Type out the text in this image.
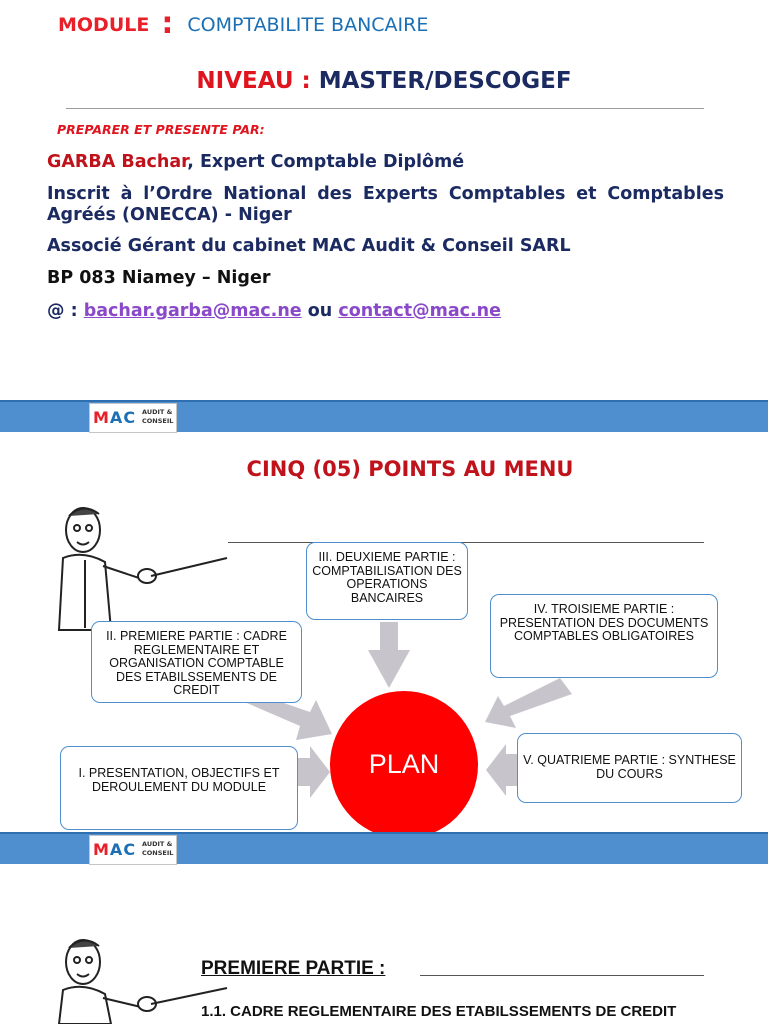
MODULE : COMPTABILITE BANCAIRE
NIVEAU : MASTER/DESCOGEF
PREPARER ET PRESENTE PAR:
GARBA Bachar, Expert Comptable Diplômé
Inscrit à l’Ordre National des Experts Comptables et Comptables Agréés (ONECCA) - Niger
Associé Gérant du cabinet MAC Audit & Conseil SARL
BP 083 Niamey – Niger
@ : bachar.garba@mac.ne ou contact@mac.ne
MAC AUDIT &
CONSEIL
CINQ (05) POINTS AU MENU
III. DEUXIEME PARTIE : COMPTABILISATION DES OPERATIONS BANCAIRES
IV. TROISIEME PARTIE : PRESENTATION DES DOCUMENTS COMPTABLES OBLIGATOIRES
II. PREMIERE PARTIE : CADRE REGLEMENTAIRE ET ORGANISATION COMPTABLE DES ETABILSSEMENTS DE CREDIT
I. PRESENTATION, OBJECTIFS ET DEROULEMENT DU MODULE
V. QUATRIEME PARTIE : SYNTHESE DU COURS
PLAN
MAC AUDIT &
CONSEIL
PREMIERE PARTIE :
1.1. CADRE REGLEMENTAIRE DES ETABILSSEMENTS DE CREDIT
